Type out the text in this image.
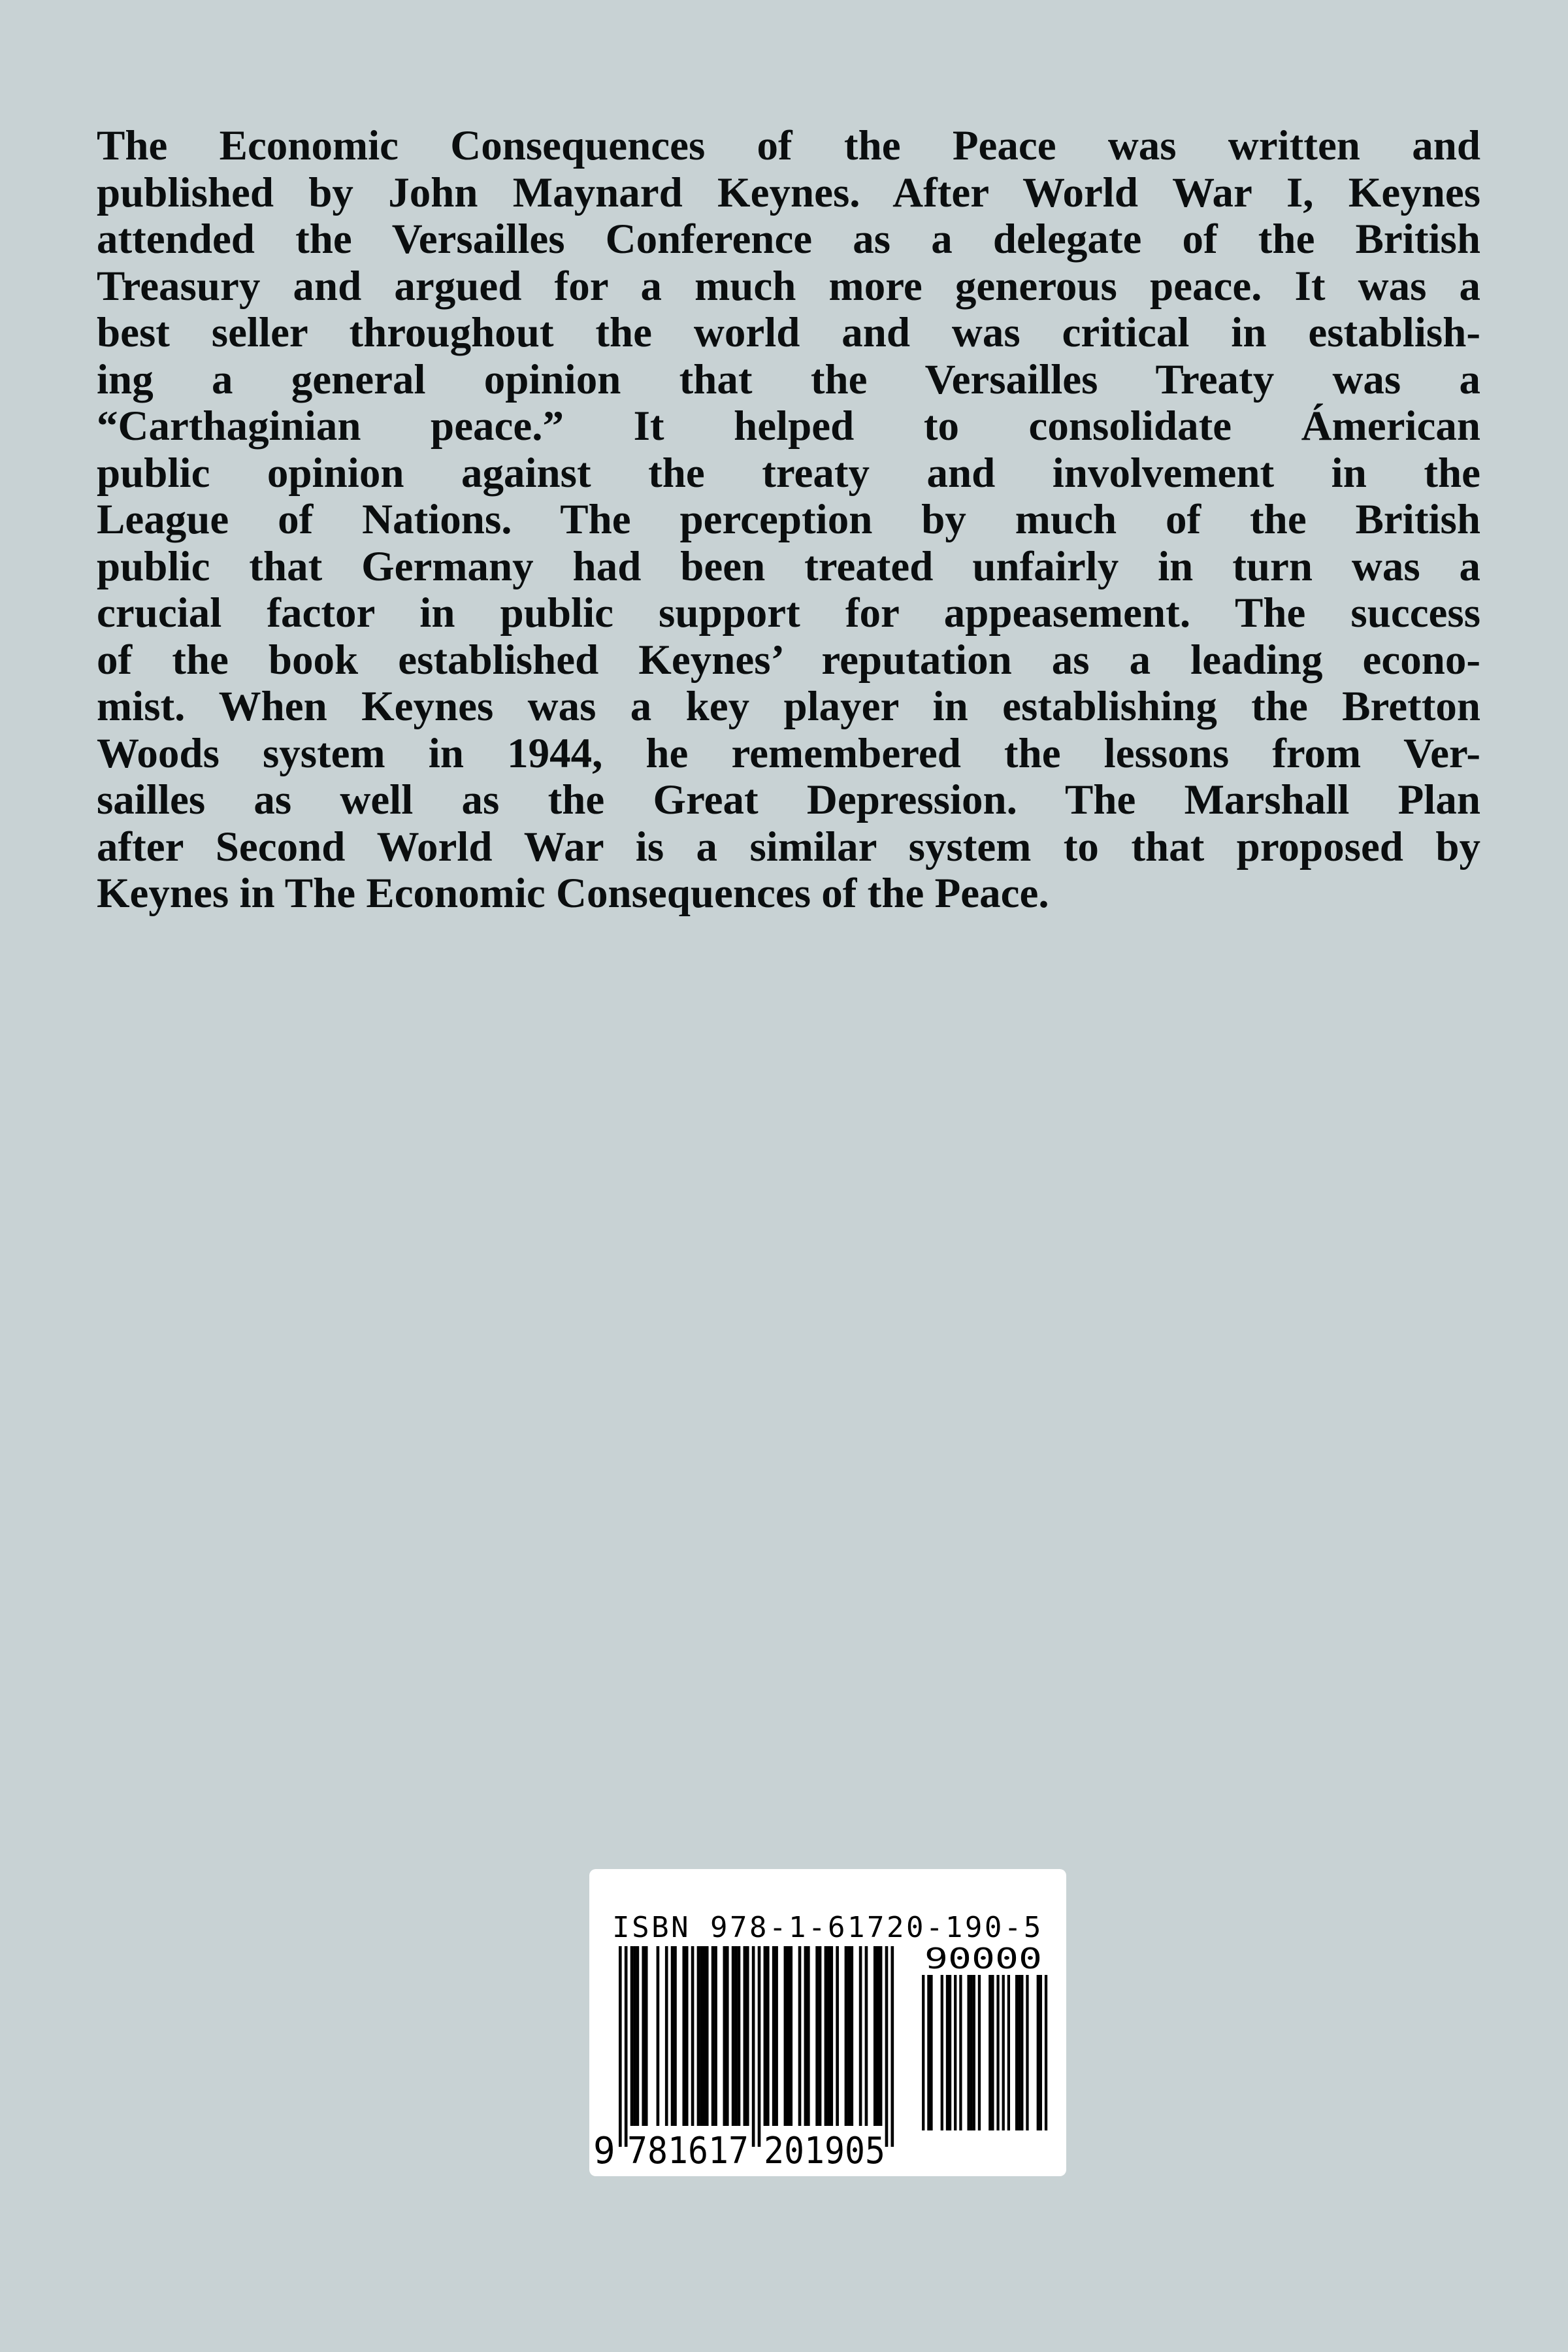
The Economic Consequences of the Peace was written and
published by John Maynard Keynes. After World War I, Keynes
attended the Versailles Conference as a delegate of the British
Treasury and argued for a much more generous peace. It was a
best seller throughout the world and was critical in establish-
ing a general opinion that the Versailles Treaty was a
“Carthaginian peace.” It helped to consolidate Ámerican
public opinion against the treaty and involvement in the
League of Nations. The perception by much of the British
public that Germany had been treated unfairly in turn was a
crucial factor in public support for appeasement. The success
of the book established Keynes’ reputation as a leading econo-
mist. When Keynes was a key player in establishing the Bretton
Woods system in 1944, he remembered the lessons from Ver-
sailles as well as the Great Depression. The Marshall Plan
after Second World War is a similar system to that proposed by
Keynes in The Economic Consequences of the Peace.
ISBN 978-1-61720-190-5
9 781617 201905
90000
